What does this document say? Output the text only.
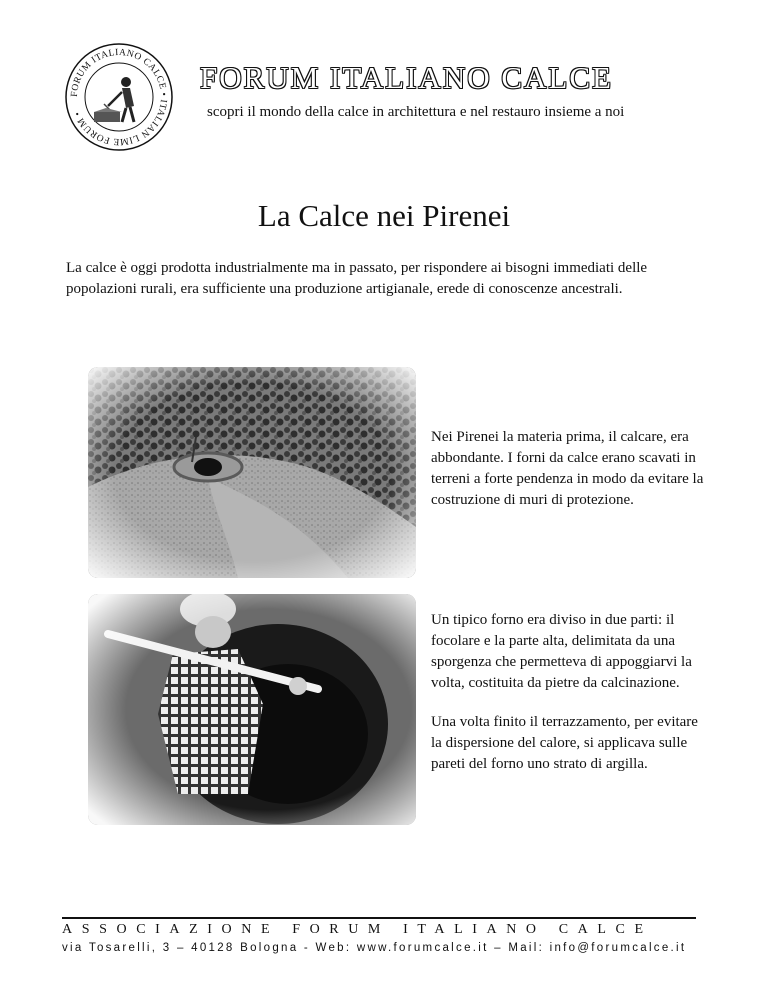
FORUM ITALIANO CALCE • ITALIAN LIME FORUM •
FORUM ITALIANO CALCE
scopri il mondo della calce in architettura e nel restauro insieme a noi
La Calce nei Pirenei
La calce è oggi prodotta industrialmente ma in passato, per rispondere ai bisogni immediati delle popolazioni rurali, era sufficiente una produzione artigianale, erede di conoscenze ancestrali.

Nei Pirenei la materia prima, il calcare, era abbondante. I forni da calce erano scavati in terreni a forte pendenza in modo da evitare la costruzione di muri di protezione.

Un tipico forno era diviso in due parti: il focolare e la parte alta, delimitata da una sporgenza che permetteva di appoggiarvi la volta, costituita da pietre da calcinazione.

Una volta finito il terrazzamento, per evitare la dispersione del calore, si applicava sulle pareti del forno uno strato di argilla.

ASSOCIAZIONE FORUM ITALIANO CALCE
via Tosarelli, 3 – 40128 Bologna - Web: www.forumcalce.it – Mail: info@forumcalce.it
